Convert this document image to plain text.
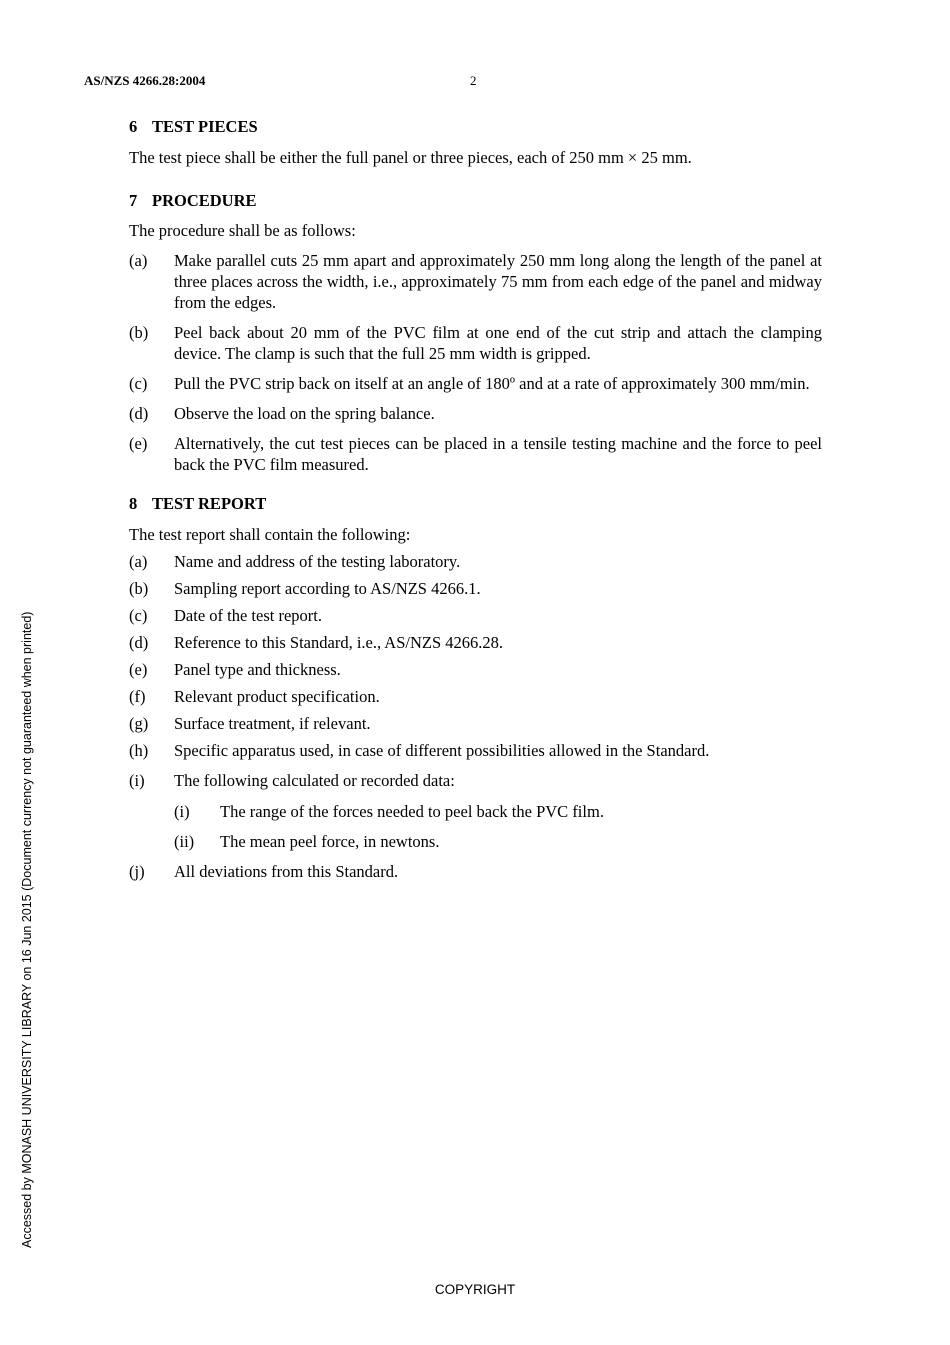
AS/NZS 4266.28:2004	2

6 TEST PIECES

The test piece shall be either the full panel or three pieces, each of 250 mm × 25 mm.

7 PROCEDURE

The procedure shall be as follows:

(a)	Make parallel cuts 25 mm apart and approximately 250 mm long along the length of the panel at three places across the width, i.e., approximately 75 mm from each edge of the panel and midway from the edges.
(b)	Peel back about 20 mm of the PVC film at one end of the cut strip and attach the clamping device. The clamp is such that the full 25 mm width is gripped.
(c)	Pull the PVC strip back on itself at an angle of 180º and at a rate of approximately 300 mm/min.
(d)	Observe the load on the spring balance.
(e)	Alternatively, the cut test pieces can be placed in a tensile testing machine and the force to peel back the PVC film measured.

8 TEST REPORT

The test report shall contain the following:

(a)	Name and address of the testing laboratory.
(b)	Sampling report according to AS/NZS 4266.1.
(c)	Date of the test report.
(d)	Reference to this Standard, i.e., AS/NZS 4266.28.
(e)	Panel type and thickness.
(f)	Relevant product specification.
(g)	Surface treatment, if relevant.
(h)	Specific apparatus used, in case of different possibilities allowed in the Standard.
(i)	The following calculated or recorded data:
(i)	The range of the forces needed to peel back the PVC film.
(ii)	The mean peel force, in newtons.
(j)	All deviations from this Standard.
Accessed by MONASH UNIVERSITY LIBRARY on 16 Jun 2015 (Document currency not guaranteed when printed)
COPYRIGHT
